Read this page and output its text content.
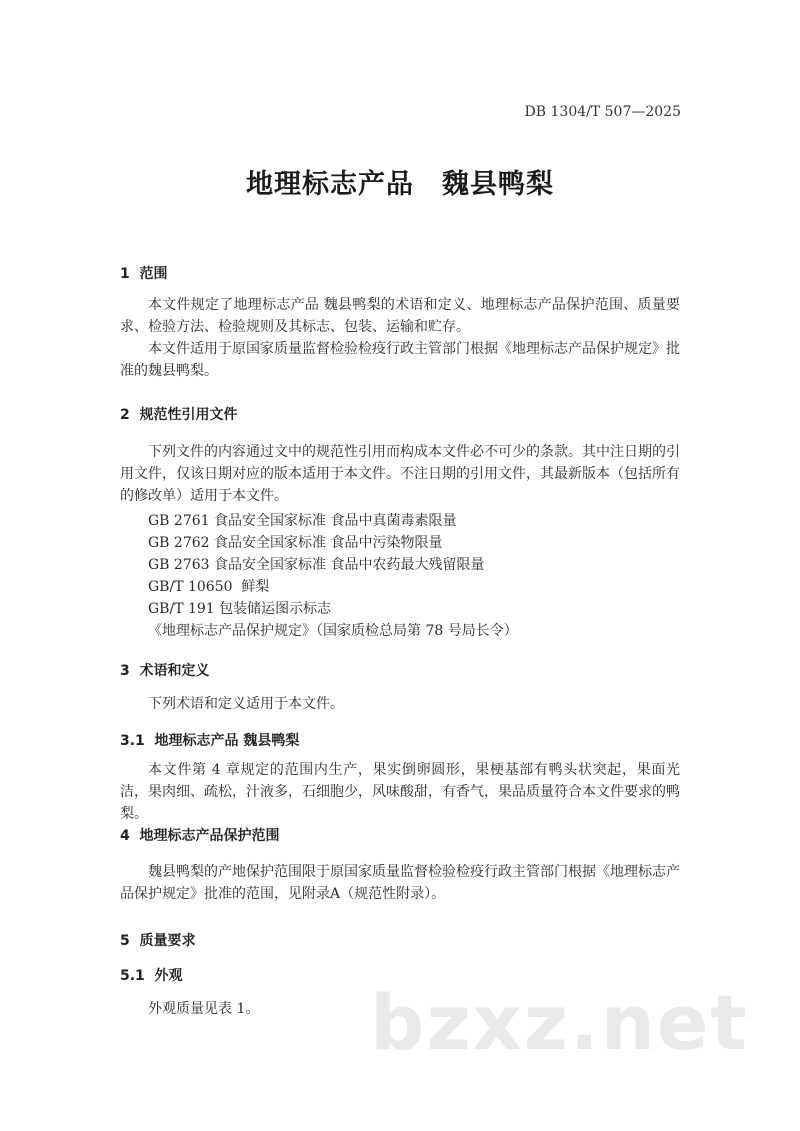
DB 1304/T 507—2025
地理标志产品　魏县鸭梨
1  范围
本文件规定了地理标志产品 魏县鸭梨的术语和定义、地理标志产品保护范围、质量要求、检验方法、检验规则及其标志、包装、运输和贮存。
本文件适用于原国家质量监督检验检疫行政主管部门根据《地理标志产品保护规定》批准的魏县鸭梨。
2  规范性引用文件
下列文件的内容通过文中的规范性引用而构成本文件必不可少的条款。其中注日期的引用文件，仅该日期对应的版本适用于本文件。不注日期的引用文件，其最新版本（包括所有的修改单）适用于本文件。
GB 2761 食品安全国家标准 食品中真菌毒素限量
GB 2762 食品安全国家标准 食品中污染物限量
GB 2763 食品安全国家标准 食品中农药最大残留限量
GB/T 10650  鲜梨
GB/T 191 包装储运图示标志
《地理标志产品保护规定》（国家质检总局第 78 号局长令）
3  术语和定义
下列术语和定义适用于本文件。
3.1  地理标志产品 魏县鸭梨
本文件第 4 章规定的范围内生产，果实倒卵圆形，果梗基部有鸭头状突起，果面光洁，果肉细、疏松，汁液多，石细胞少，风味酸甜，有香气，果品质量符合本文件要求的鸭梨。
4  地理标志产品保护范围
魏县鸭梨的产地保护范围限于原国家质量监督检验检疫行政主管部门根据《地理标志产品保护规定》批准的范围，见附录A（规范性附录）。
5  质量要求
5.1  外观
外观质量见表 1。	bzxz.net
